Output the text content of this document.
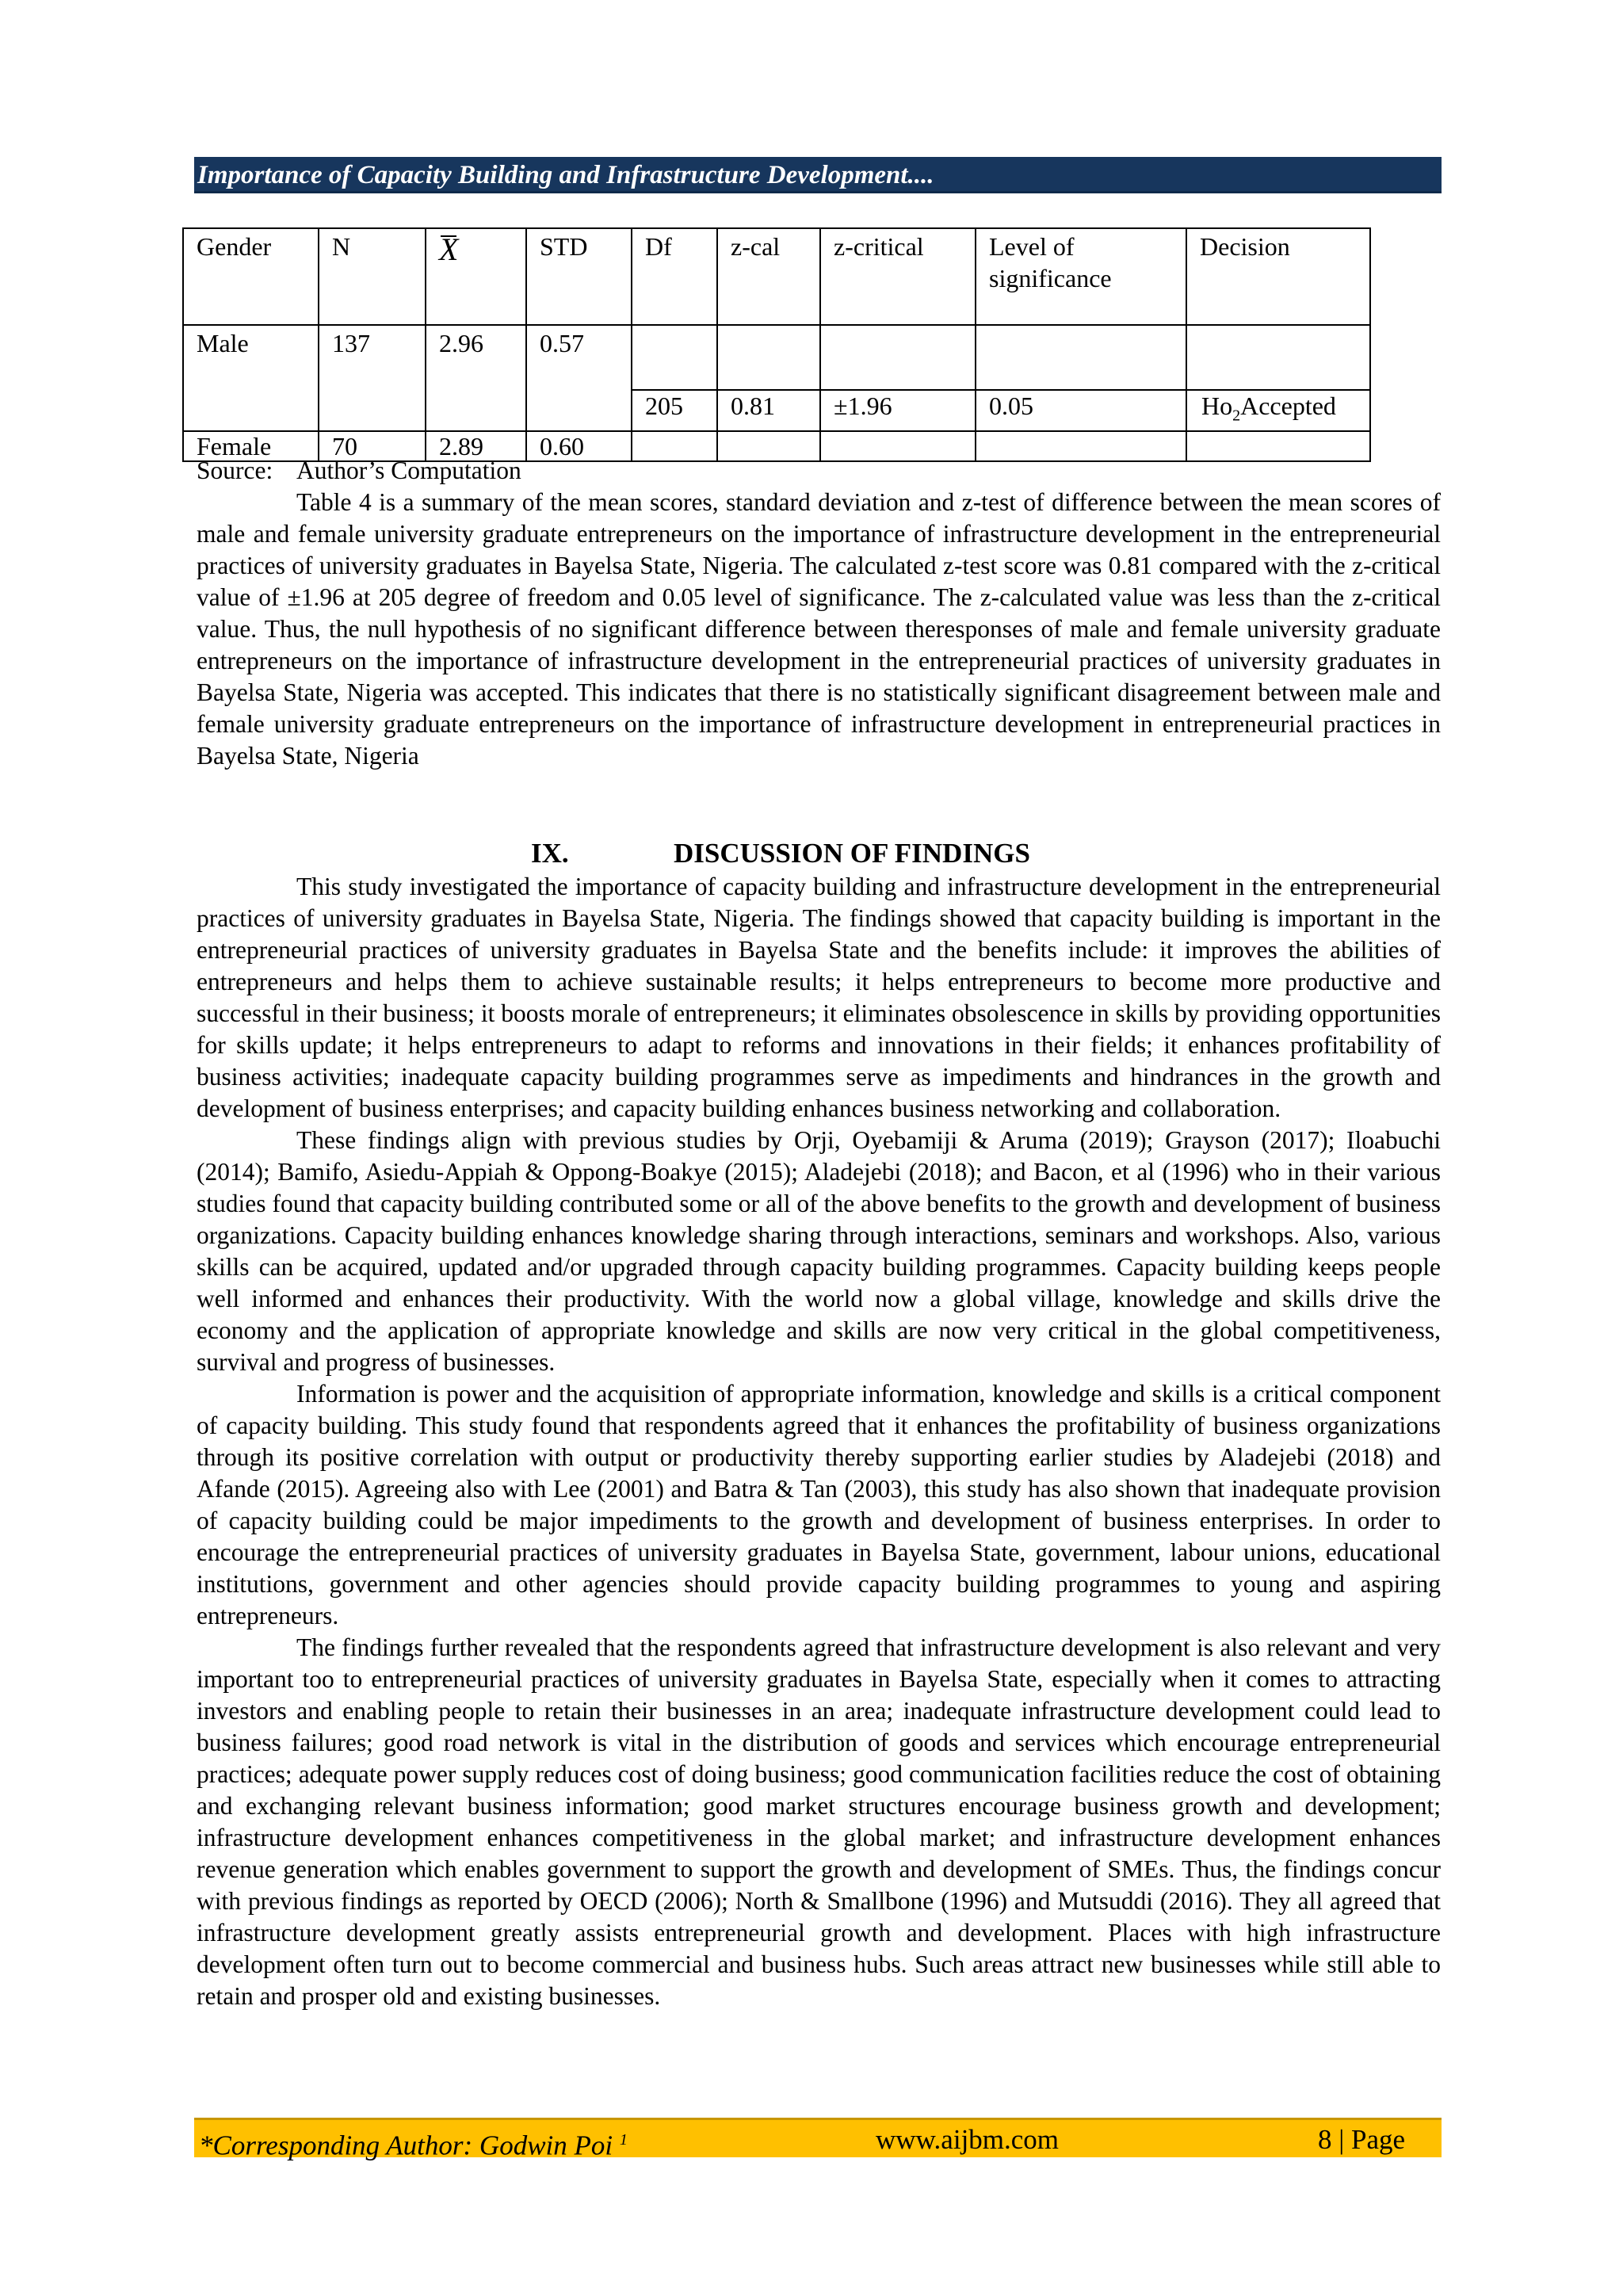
Importance of Capacity Building and Infrastructure Development....
Gender	N	X	STD	Df	z-cal	z-critical	Level of significance	Decision
Male	137	2.96	0.57					
				205	0.81	±1.96	0.05	$Ho_2Accepted$
Female	70	2.89	0.60					
Source:    Author’s Computation

Table 4 is a summary of the mean scores, standard deviation and z-test of difference between the mean scores of male and female university graduate entrepreneurs on the importance of infrastructure development in the entrepreneurial practices of university graduates in Bayelsa State, Nigeria. The calculated z-test score was 0.81 compared with the z-critical value of ±1.96 at 205 degree of freedom and 0.05 level of significance. The z-calculated value was less than the z-critical value. Thus, the null hypothesis of no significant difference between theresponses of male and female university graduate entrepreneurs on the importance of infrastructure development in the entrepreneurial practices of university graduates in Bayelsa State, Nigeria was accepted. This indicates that there is no statistically significant disagreement between male and female university graduate entrepreneurs on the importance of infrastructure development in entrepreneurial practices in Bayelsa State, Nigeria

IX.	DISCUSSION OF FINDINGS

This study investigated the importance of capacity building and infrastructure development in the entrepreneurial practices of university graduates in Bayelsa State, Nigeria. The findings showed that capacity building is important in the entrepreneurial practices of university graduates in Bayelsa State and the benefits include: it improves the abilities of entrepreneurs and helps them to achieve sustainable results; it helps entrepreneurs to become more productive and successful in their business; it boosts morale of entrepreneurs; it eliminates obsolescence in skills by providing opportunities for skills update; it helps entrepreneurs to adapt to reforms and innovations in their fields; it enhances profitability of business activities; inadequate capacity building programmes serve as impediments and hindrances in the growth and development of business enterprises; and capacity building enhances business networking and collaboration.

These findings align with previous studies by Orji, Oyebamiji & Aruma (2019); Grayson (2017); Iloabuchi (2014); Bamifo, Asiedu-Appiah & Oppong-Boakye (2015); Aladejebi (2018); and Bacon, et al (1996) who in their various studies found that capacity building contributed some or all of the above benefits to the growth and development of business organizations. Capacity building enhances knowledge sharing through interactions, seminars and workshops. Also, various skills can be acquired, updated and/or upgraded through capacity building programmes. Capacity building keeps people well informed and enhances their productivity. With the world now a global village, knowledge and skills drive the economy and the application of appropriate knowledge and skills are now very critical in the global competitiveness, survival and progress of businesses.

Information is power and the acquisition of appropriate information, knowledge and skills is a critical component of capacity building. This study found that respondents agreed that it enhances the profitability of business organizations through its positive correlation with output or productivity thereby supporting earlier studies by Aladejebi (2018) and Afande (2015). Agreeing also with Lee (2001) and Batra & Tan (2003), this study has also shown that inadequate provision of capacity building could be major impediments to the growth and development of business enterprises. In order to encourage the entrepreneurial practices of university graduates in Bayelsa State, government, labour unions, educational institutions, government and other agencies should provide capacity building programmes to young and aspiring entrepreneurs.

The findings further revealed that the respondents agreed that infrastructure development is also relevant and very important too to entrepreneurial practices of university graduates in Bayelsa State, especially when it comes to attracting investors and enabling people to retain their businesses in an area; inadequate infrastructure development could lead to business failures; good road network is vital in the distribution of goods and services which encourage entrepreneurial practices; adequate power supply reduces cost of doing business; good communication facilities reduce the cost of obtaining and exchanging relevant business information; good market structures encourage business growth and development; infrastructure development enhances competitiveness in the global market; and infrastructure development enhances revenue generation which enables government to support the growth and development of SMEs. Thus, the findings concur with previous findings as reported by OECD (2006); North & Smallbone (1996) and Mutsuddi (2016). They all agreed that infrastructure development greatly assists entrepreneurial growth and development. Places with high infrastructure development often turn out to become commercial and business hubs. Such areas attract new businesses while still able to retain and prosper old and existing businesses.

*Corresponding Author: Godwin Poi $^1$	www.aijbm.com	8 | Page
